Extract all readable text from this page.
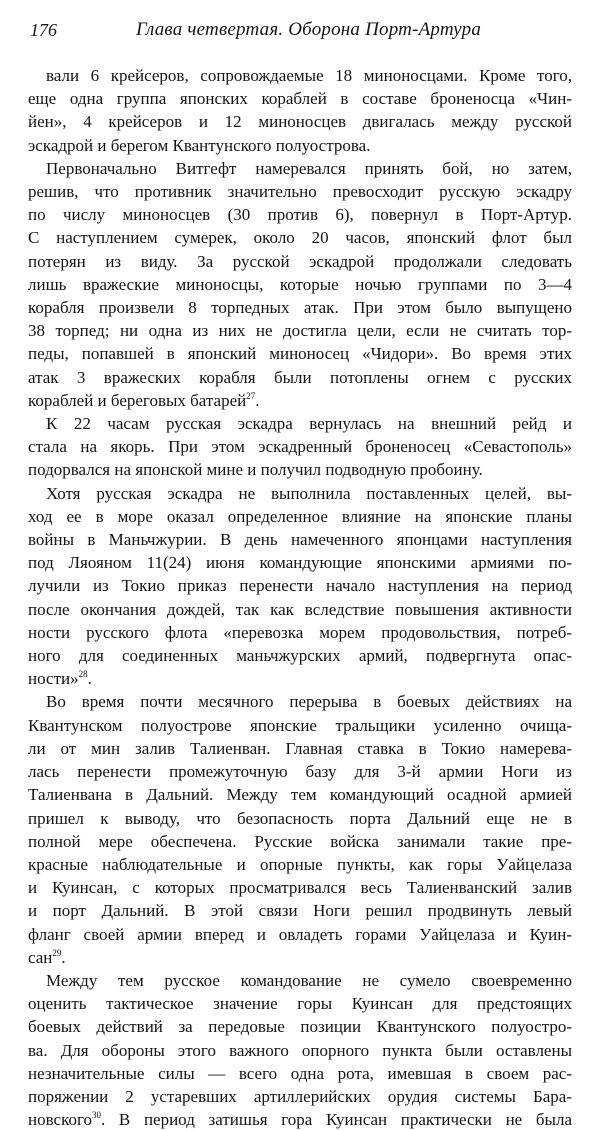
176	Глава четвертая. Оборона Порт-Артура
вали 6 крейсеров, сопровождаемые 18 миноносцами. Кроме того,
еще одна группа японских кораблей в составе броненосца «Чин-
йен», 4 крейсеров и 12 миноносцев двигалась между русской
эскадрой и берегом Квантунского полуострова.
Первоначально Витгефт намеревался принять бой, но затем,
решив, что противник значительно превосходит русскую эскадру
по числу миноносцев (30 против 6), повернул в Порт-Артур.
С наступлением сумерек, около 20 часов, японский флот был
потерян из виду. За русской эскадрой продолжали следовать
лишь вражеские миноносцы, которые ночью группами по 3—4
корабля произвели 8 торпедных атак. При этом было выпущено
38 торпед; ни одна из них не достигла цели, если не считать тор-
педы, попавшей в японский миноносец «Чидори». Во время этих
атак 3 вражеских корабля были потоплены огнем с русских
кораблей и береговых батарей$^{27}$.
К 22 часам русская эскадра вернулась на внешний рейд и
стала на якорь. При этом эскадренный броненосец «Севастополь»
подорвался на японской мине и получил подводную пробоину.
Хотя русская эскадра не выполнила поставленных целей, вы-
ход ее в море оказал определенное влияние на японские планы
войны в Маньчжурии. В день намеченного японцами наступления
под Ляояном 11(24) июня командующие японскими армиями по-
лучили из Токио приказ перенести начало наступления на период
после окончания дождей, так как вследствие повышения активности
ности русского флота «перевозка морем продовольствия, потреб-
ного для соединенных маньчжурских армий, подвергнута опас-
ности»$^{28}$.
Во время почти месячного перерыва в боевых действиях на
Квантунском полуострове японские тральщики усиленно очища-
ли от мин залив Талиенван. Главная ставка в Токио намерева-
лась перенести промежуточную базу для 3-й армии Ноги из
Талиенвана в Дальний. Между тем командующий осадной армией
пришел к выводу, что безопасность порта Дальний еще не в
полной мере обеспечена. Русские войска занимали такие пре-
красные наблюдательные и опорные пункты, как горы Уайцелазa
и Куинсан, с которых просматривался весь Талиенванский залив
и порт Дальний. В этой связи Ноги решил продвинуть левый
фланг своей армии вперед и овладеть горами Уайцелаза и Куин-
сан$^{29}$.
Между тем русское командование не сумело своевременно
оценить тактическое значение горы Куинсан для предстоящих
боевых действий за передовые позиции Квантунского полуостро-
ва. Для обороны этого важного опорного пункта были оставлены
незначительные силы — всего одна рота, имевшая в своем рас-
поряжении 2 устаревших артиллерийских орудия системы Бара-
новского$^{30}$. В период затишья гора Куинсан практически не была
